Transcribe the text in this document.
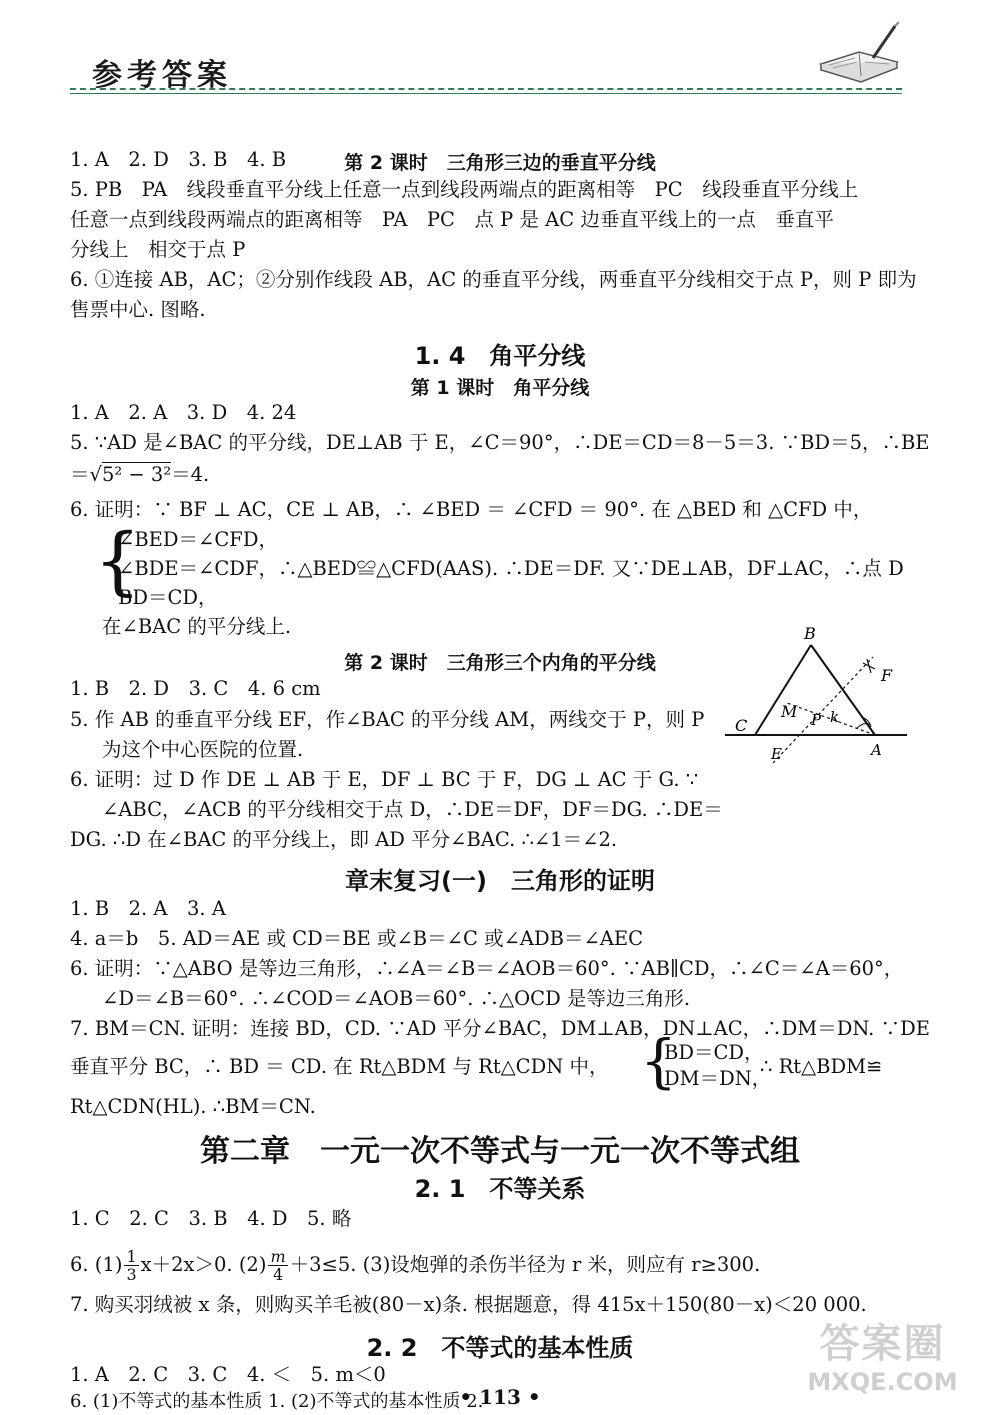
参考答案
第 2 课时　三角形三边的垂直平分线
1. A　2. D　3. B　4. B
5. PB　PA　线段垂直平分线上任意一点到线段两端点的距离相等　PC　线段垂直平分线上
任意一点到线段两端点的距离相等　PA　PC　点 P 是 AC 边垂直平线上的一点　垂直平
分线上　相交于点 P
6. ①连接 AB，AC；②分别作线段 AB，AC 的垂直平分线，两垂直平分线相交于点 P，则 P 即为
售票中心. 图略.
1. 4　角平分线
第 1 课时　角平分线
1. A　2. A　3. D　4. 24
5. ∵AD 是∠BAC 的平分线，DE⊥AB 于 E，∠C＝90°，∴DE＝CD＝8－5＝3. ∵BD＝5，∴BE
＝√5² − 3²＝4.
6. 证明：∵ BF ⊥ AC，CE ⊥ AB，∴ ∠BED ＝ ∠CFD ＝ 90°. 在 △BED 和 △CFD 中，
{
∠BED＝∠CFD，
∠BDE＝∠CDF，∴△BED≌△CFD(AAS). ∴DE＝DF. 又∵DE⊥AB，DF⊥AC，∴点 D
BD＝CD，
在∠BAC 的平分线上.
第 2 课时　三角形三个内角的平分线
1. B　2. D　3. C　4. 6 cm
5. 作 AB 的垂直平分线 EF，作∠BAC 的平分线 AM，两线交于 P，则 P
为这个中心医院的位置.
6. 证明：过 D 作 DE ⊥ AB 于 E，DF ⊥ BC 于 F，DG ⊥ AC 于 G. ∵
∠ABC，∠ACB 的平分线相交于点 D，∴DE＝DF，DF＝DG. ∴DE＝
DG. ∴D 在∠BAC 的平分线上，即 AD 平分∠BAC. ∴∠1＝∠2.
B
F
M P k
C
E	A
章末复习(一)　三角形的证明
1. B　2. A　3. A
4. a＝b　5. AD＝AE 或 CD＝BE 或∠B＝∠C 或∠ADB＝∠AEC
6. 证明：∵△ABO 是等边三角形，∴∠A＝∠B＝∠AOB＝60°. ∵AB∥CD，∴∠C＝∠A＝60°，
∠D＝∠B＝60°. ∴∠COD＝∠AOB＝60°. ∴△OCD 是等边三角形.
7. BM＝CN. 证明：连接 BD，CD. ∵AD 平分∠BAC，DM⊥AB，DN⊥AC，∴DM＝DN. ∵DE
垂直平分 BC，∴ BD ＝ CD. 在 Rt△BDM 与 Rt△CDN 中， {
BD＝CD，
DM＝DN，
∴ Rt△BDM≌
Rt△CDN(HL). ∴BM＝CN.
第二章　一元一次不等式与一元一次不等式组
2. 1　不等关系
1. C　2. C　3. B　4. D　5. 略
6. $(1) \frac{1}{3} x+2x>0$. $(2) \frac{m}{4} +3\le 5$. (3)设炮弹的杀伤半径为 r 米，则应有 r≥300.
7. 购买羽绒被 x 条，则购买羊毛被(80－x)条. 根据题意，得 415x＋150(80－x)＜20 000.
2. 2　不等式的基本性质
1. A　2. C　3. C　4. ＜　5. m＜0
6. (1)不等式的基本性质 1. (2)不等式的基本性质 2.
• 113 •
答案圈
MXQE.COM
